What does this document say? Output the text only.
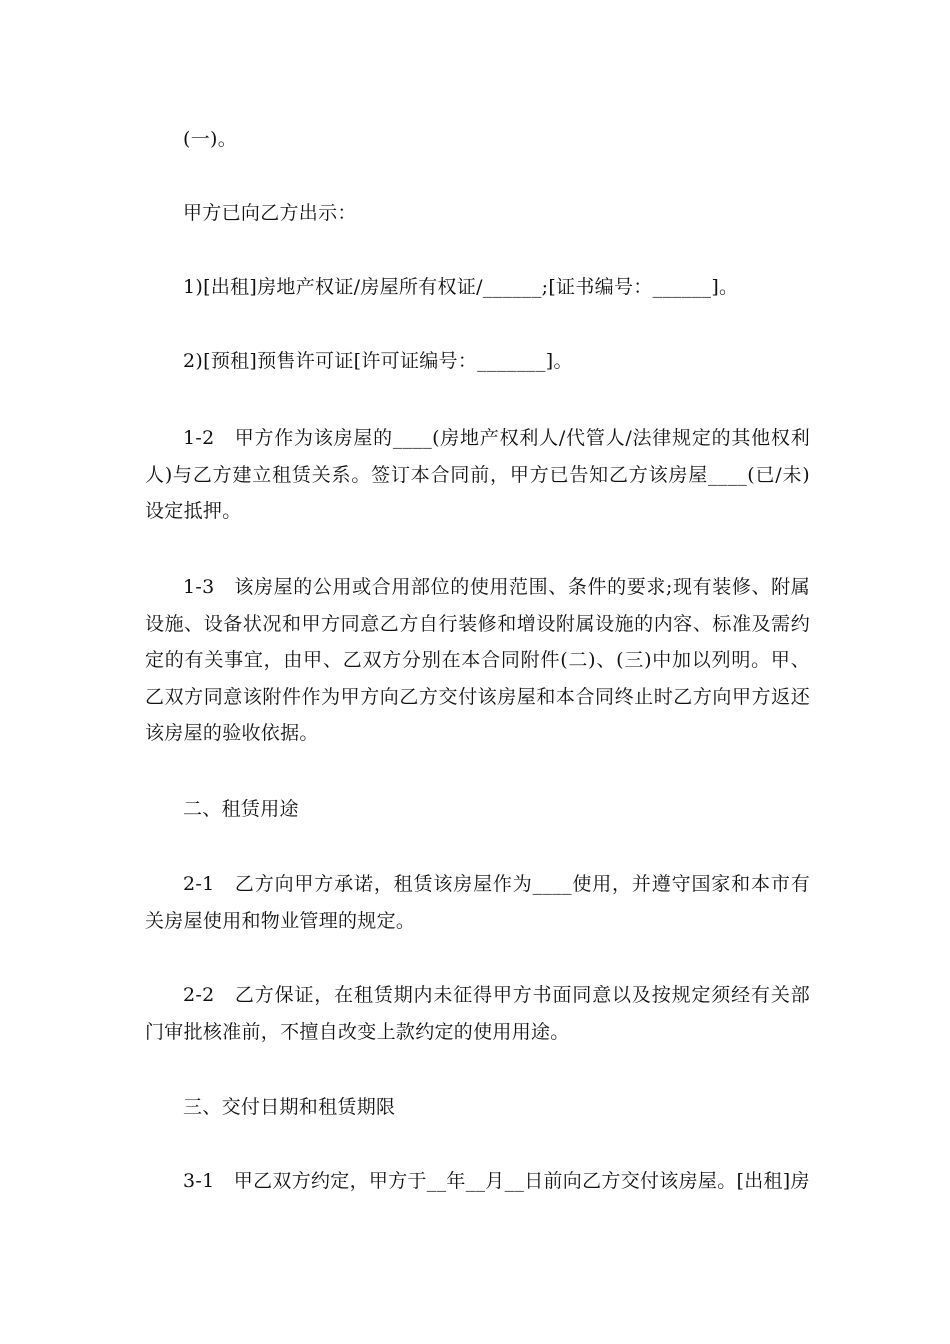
(一)。

甲方已向乙方出示：

1)[出租]房地产权证/房屋所有权证/______;[证书编号：______]。

2)[预租]预售许可证[许可证编号：_______]。

1-2　甲方作为该房屋的____(房地产权利人/代管人/法律规定的其他权利人)与乙方建立租赁关系。签订本合同前，甲方已告知乙方该房屋____(已/未)设定抵押。

1-3　该房屋的公用或合用部位的使用范围、条件的要求;现有装修、附属设施、设备状况和甲方同意乙方自行装修和增设附属设施的内容、标准及需约定的有关事宜，由甲、乙双方分别在本合同附件(二)、(三)中加以列明。甲、乙双方同意该附件作为甲方向乙方交付该房屋和本合同终止时乙方向甲方返还该房屋的验收依据。

二、租赁用途

2-1　乙方向甲方承诺，租赁该房屋作为____使用，并遵守国家和本市有关房屋使用和物业管理的规定。

2-2　乙方保证，在租赁期内未征得甲方书面同意以及按规定须经有关部门审批核准前，不擅自改变上款约定的使用用途。

三、交付日期和租赁期限

3-1　甲乙双方约定，甲方于__年__月__日前向乙方交付该房屋。[出租]房
